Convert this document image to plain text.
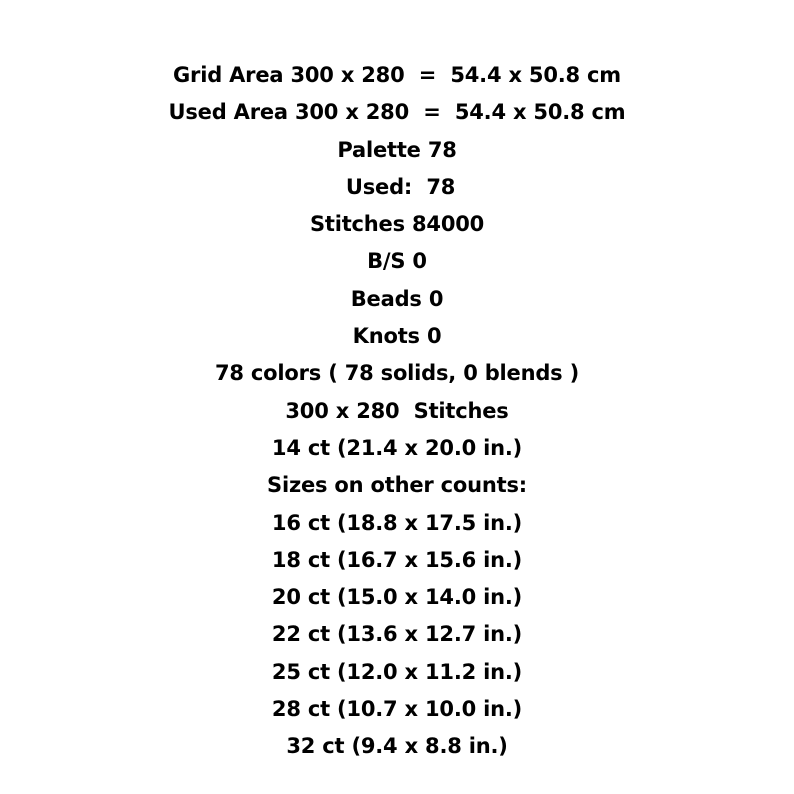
Grid Area 300 x 280  =  54.4 x 50.8 cm
Used Area 300 x 280  =  54.4 x 50.8 cm
Palette 78
Used:  78
Stitches 84000
B/S 0
Beads 0
Knots 0
78 colors ( 78 solids, 0 blends )
300 x 280  Stitches
14 ct (21.4 x 20.0 in.)
Sizes on other counts:
16 ct (18.8 x 17.5 in.)
18 ct (16.7 x 15.6 in.)
20 ct (15.0 x 14.0 in.)
22 ct (13.6 x 12.7 in.)
25 ct (12.0 x 11.2 in.)
28 ct (10.7 x 10.0 in.)
32 ct (9.4 x 8.8 in.)
